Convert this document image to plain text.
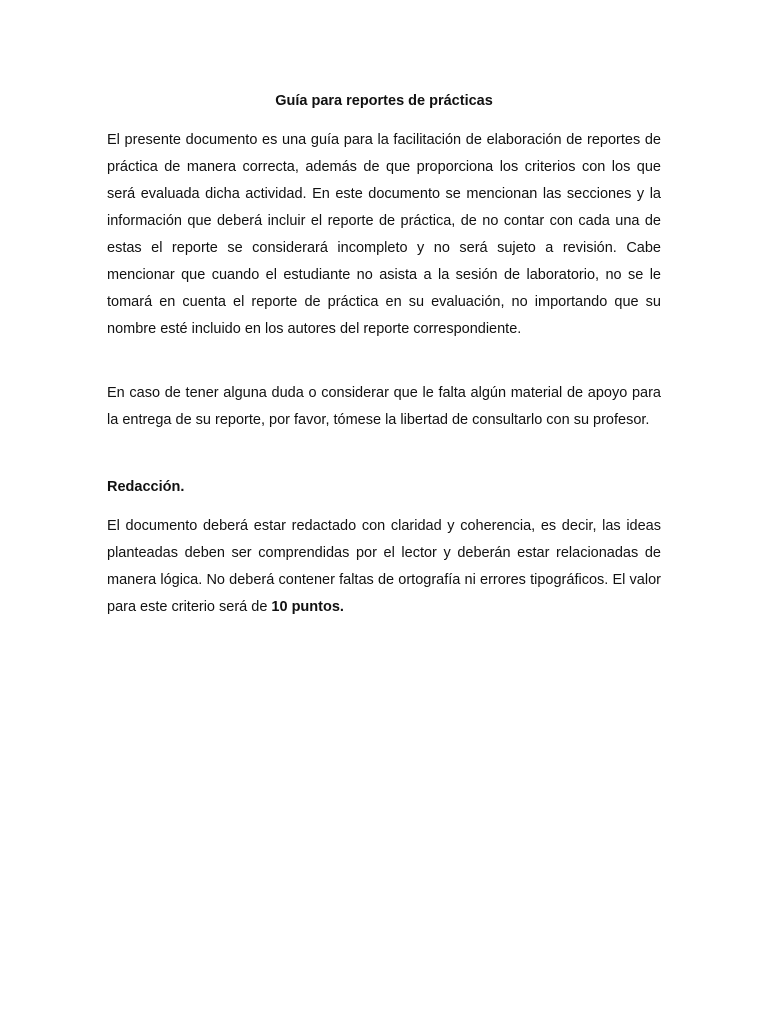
Guía para reportes de prácticas

El presente documento es una guía para la facilitación de elaboración de reportes de práctica de manera correcta, además de que proporciona los criterios con los que será evaluada dicha actividad. En este documento se mencionan las secciones y la información que deberá incluir el reporte de práctica, de no contar con cada una de estas el reporte se considerará incompleto y no será sujeto a revisión. Cabe mencionar que cuando el estudiante no asista a la sesión de laboratorio, no se le tomará en cuenta el reporte de práctica en su evaluación, no importando que su nombre esté incluido en los autores del reporte correspondiente.

En caso de tener alguna duda o considerar que le falta algún material de apoyo para la entrega de su reporte, por favor, tómese la libertad de consultarlo con su profesor.

Redacción.

El documento deberá estar redactado con claridad y coherencia, es decir, las ideas planteadas deben ser comprendidas por el lector y deberán estar relacionadas de manera lógica. No deberá contener faltas de ortografía ni errores tipográficos. El valor para este criterio será de 10 puntos.
